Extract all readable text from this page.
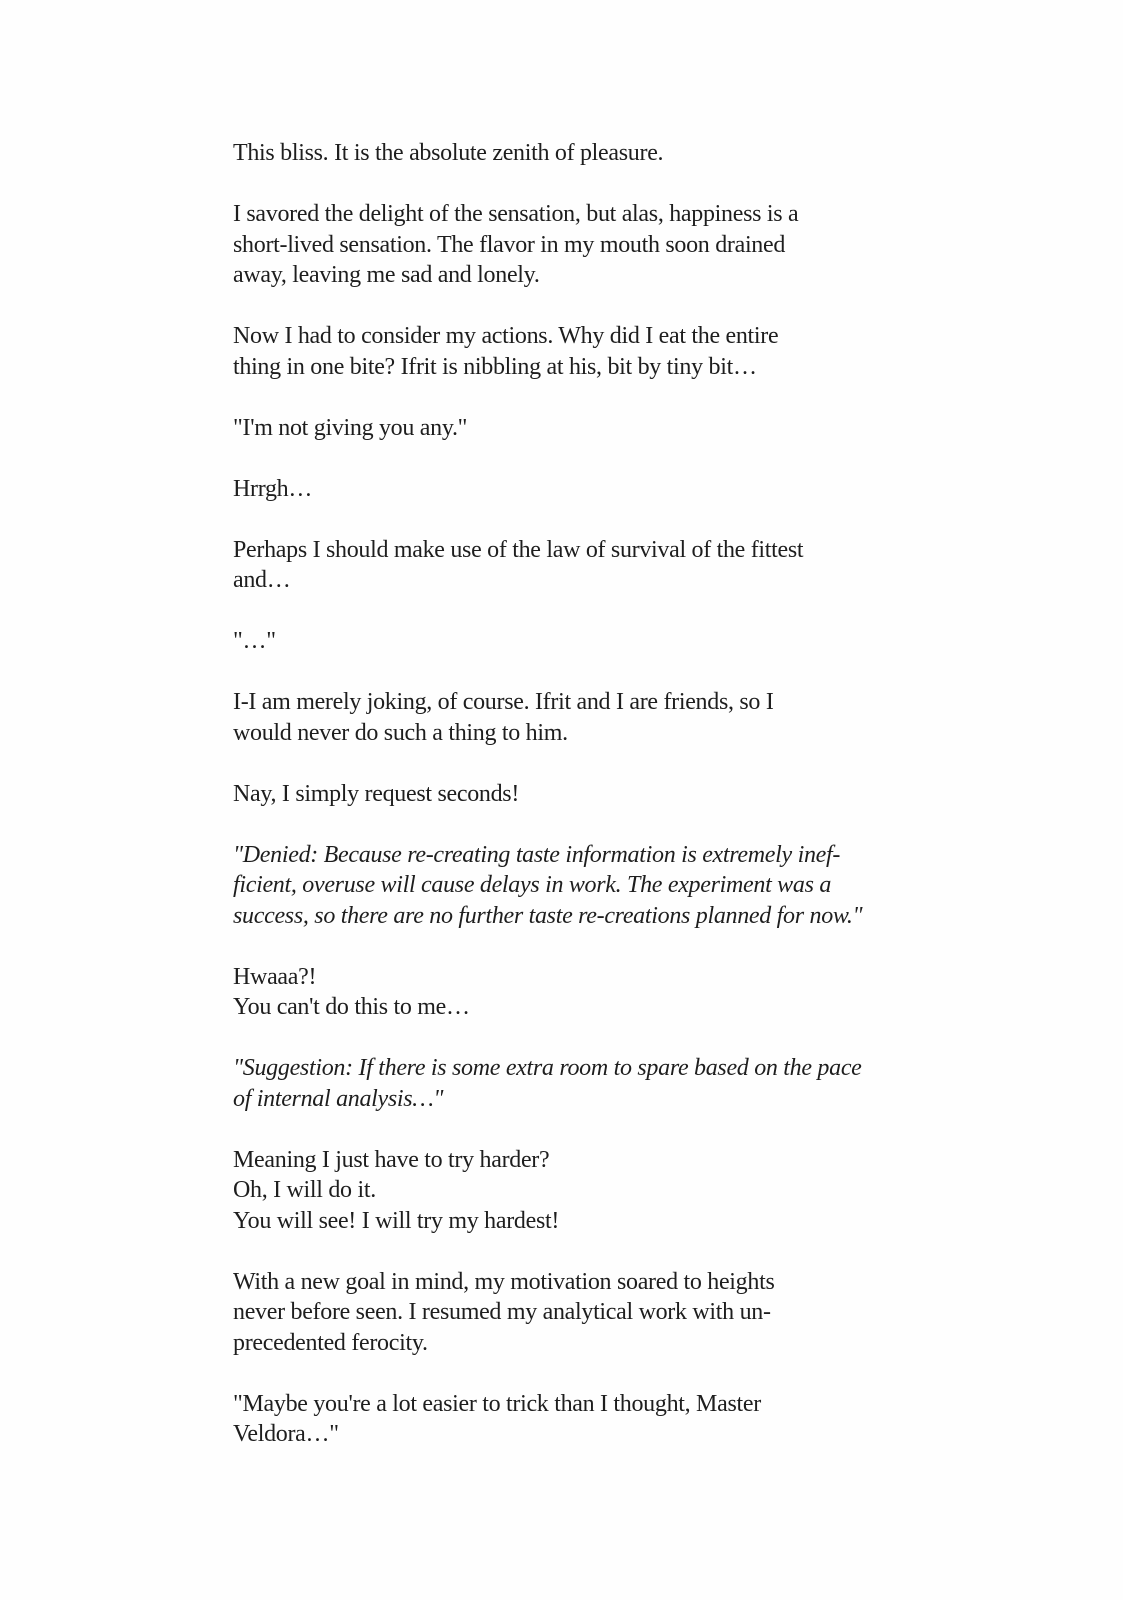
This bliss. It is the absolute zenith of pleasure.

I savored the delight of the sensation, but alas, happiness is a
short-lived sensation. The flavor in my mouth soon drained
away, leaving me sad and lonely.

Now I had to consider my actions. Why did I eat the entire
thing in one bite? Ifrit is nibbling at his, bit by tiny bit…

"I'm not giving you any."

Hrrgh…

Perhaps I should make use of the law of survival of the fittest
and…

"…"

I-I am merely joking, of course. Ifrit and I are friends, so I
would never do such a thing to him.

Nay, I simply request seconds!

"Denied: Because re-creating taste information is extremely inef-
ficient, overuse will cause delays in work. The experiment was a
success, so there are no further taste re-creations planned for now."

Hwaaa?!
You can't do this to me…

"Suggestion: If there is some extra room to spare based on the pace
of internal analysis…"

Meaning I just have to try harder?
Oh, I will do it.
You will see! I will try my hardest!

With a new goal in mind, my motivation soared to heights
never before seen. I resumed my analytical work with un-
precedented ferocity.

"Maybe you're a lot easier to trick than I thought, Master
Veldora…"
